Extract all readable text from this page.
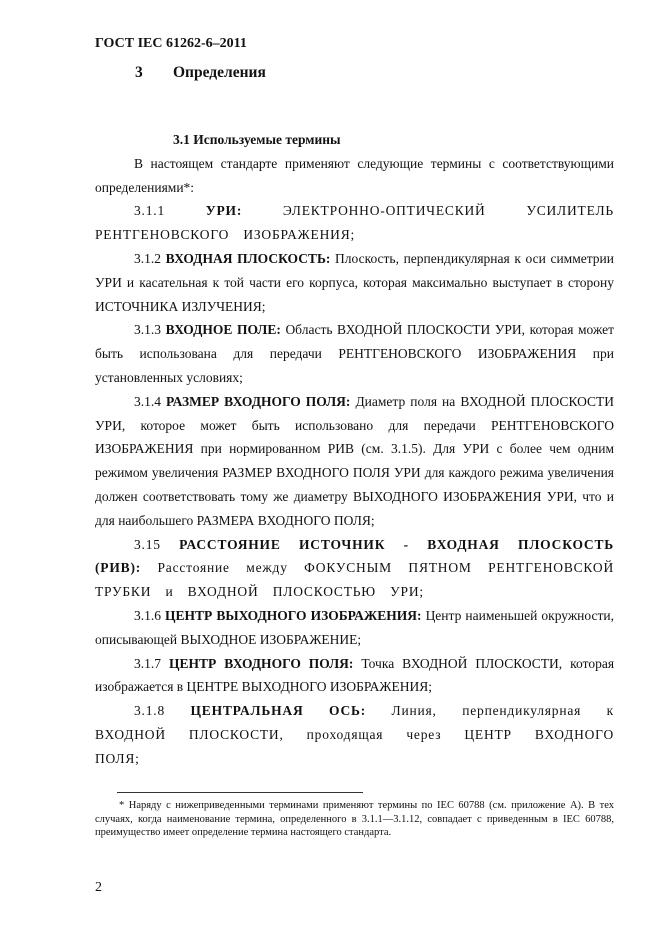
ГОСТ IEC 61262-6–2011
3 Определения

3.1 Используемые термины

В настоящем стандарте применяют следующие термины с соответствующими определениями*:

3.1.1	УРИ:	ЭЛЕКТРОННО-ОПТИЧЕСКИЙ УСИЛИТЕЛЬ РЕНТГЕНОВСКОГО ИЗОБРАЖЕНИЯ;

3.1.2 ВХОДНАЯ ПЛОСКОСТЬ: Плоскость, перпендикулярная к оси симметрии УРИ и касательная к той части его корпуса, которая максимально выступает в сторону ИСТОЧНИКА ИЗЛУЧЕНИЯ;

3.1.3 ВХОДНОЕ ПОЛЕ: Область ВХОДНОЙ ПЛОСКОСТИ УРИ, которая может быть использована для передачи РЕНТГЕНОВСКОГО ИЗОБРАЖЕНИЯ при установленных условиях;

3.1.4 РАЗМЕР ВХОДНОГО ПОЛЯ: Диаметр поля на ВХОДНОЙ ПЛОСКОСТИ УРИ, которое может быть использовано для передачи РЕНТГЕНОВСКОГО ИЗОБРАЖЕНИЯ при нормированном РИВ (см. 3.1.5). Для УРИ с более чем одним режимом увеличения РАЗМЕР ВХОДНОГО ПОЛЯ УРИ для каждого режима увеличения должен соответствовать тому же диаметру ВЫХОДНОГО ИЗОБРАЖЕНИЯ УРИ, что и для наибольшего РАЗМЕРА ВХОДНОГО ПОЛЯ;

3.15 РАССТОЯНИЕ ИСТОЧНИК - ВХОДНАЯ ПЛОСКОСТЬ (РИВ): Расстояние между ФОКУСНЫМ ПЯТНОМ РЕНТГЕНОВСКОЙ ТРУБКИ и ВХОДНОЙ ПЛОСКОСТЬЮ УРИ;

3.1.6 ЦЕНТР ВЫХОДНОГО ИЗОБРАЖЕНИЯ: Центр наименьшей окружности, описывающей ВЫХОДНОЕ ИЗОБРАЖЕНИЕ;

3.1.7 ЦЕНТР ВХОДНОГО ПОЛЯ: Точка ВХОДНОЙ ПЛОСКОСТИ, которая изображается в ЦЕНТРЕ ВЫХОДНОГО ИЗОБРАЖЕНИЯ;

3.1.8 ЦЕНТРАЛЬНАЯ ОСЬ: Линия, перпендикулярная к ВХОДНОЙ ПЛОСКОСТИ, проходящая через ЦЕНТР ВХОДНОГО ПОЛЯ;

* Наряду с нижеприведенными терминами применяют термины по IEC 60788 (см. приложение А). В тех случаях, когда наименование термина, определенного в 3.1.1—3.1.12, совпадает с приведенным в IEC 60788, преимущество имеет определение термина настоящего стандарта.

2
